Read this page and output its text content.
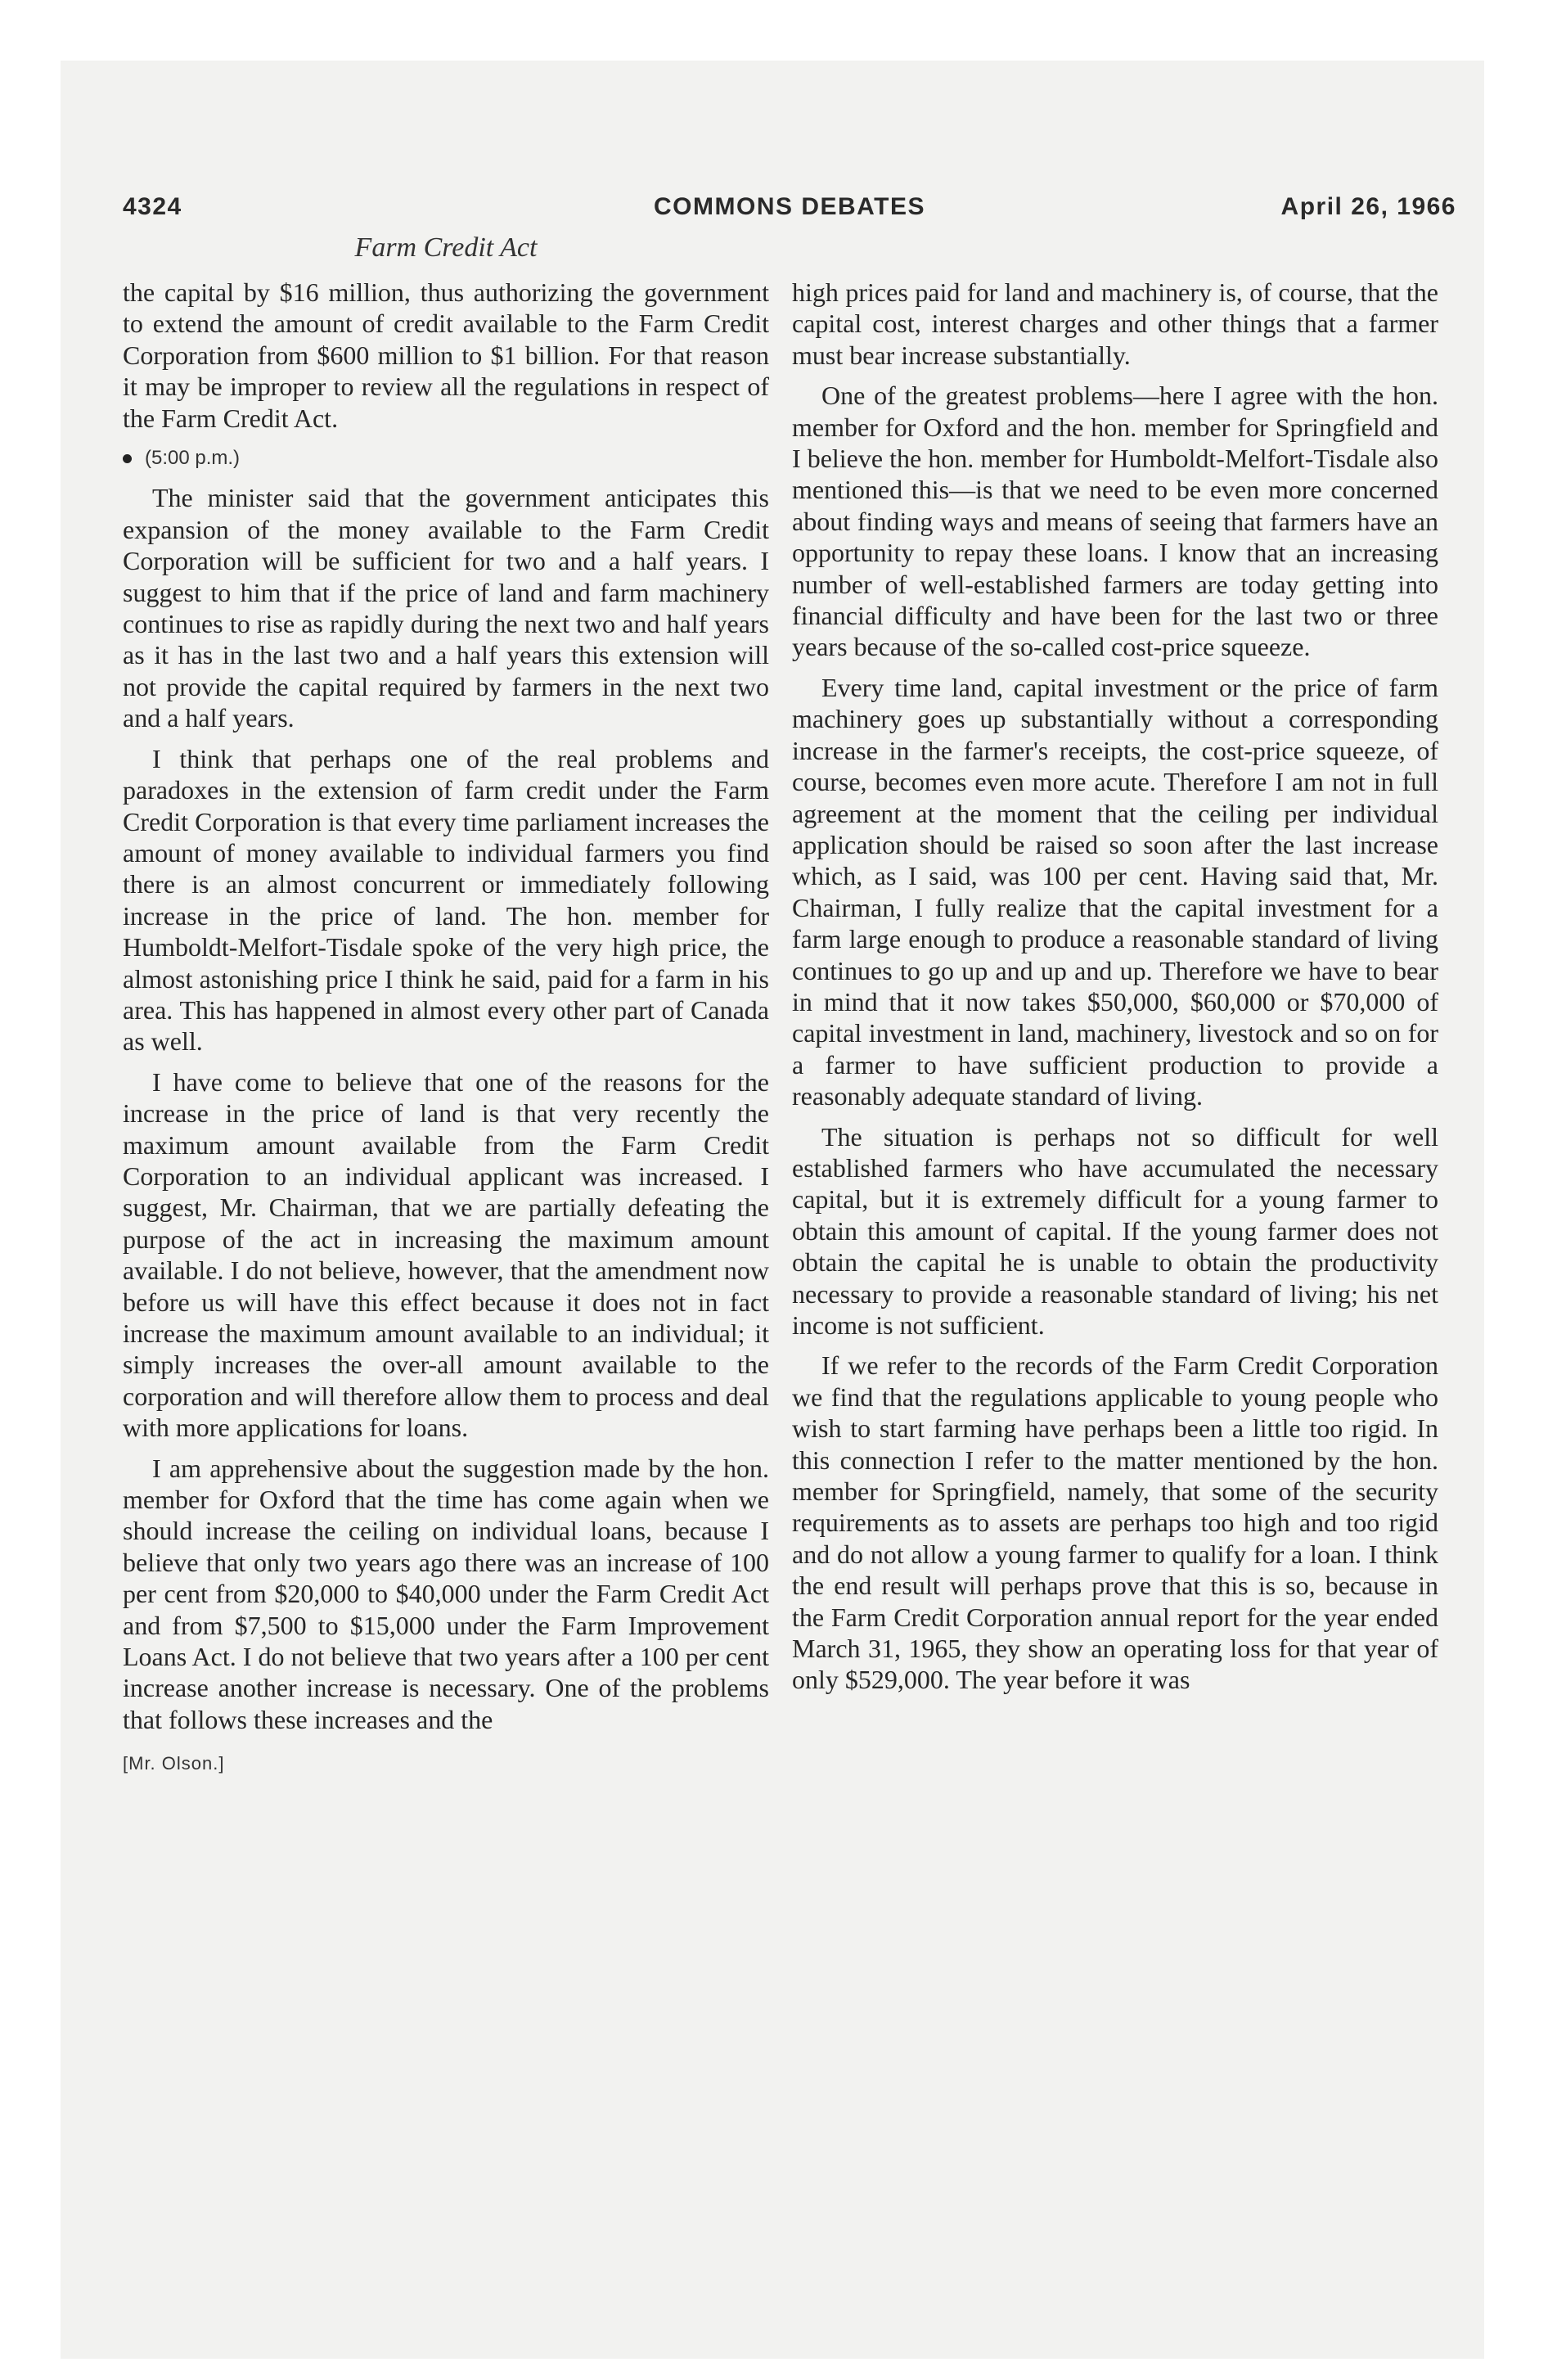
4324	COMMONS DEBATES	April 26, 1966
Farm Credit Act

the capital by $16 million, thus authorizing the government to extend the amount of credit available to the Farm Credit Corporation from $600 million to $1 billion. For that reason it may be improper to review all the regulations in respect of the Farm Credit Act.

(5:00 p.m.)

The minister said that the government anticipates this expansion of the money available to the Farm Credit Corporation will be sufficient for two and a half years. I suggest to him that if the price of land and farm machinery continues to rise as rapidly during the next two and half years as it has in the last two and a half years this extension will not provide the capital required by farmers in the next two and a half years.

I think that perhaps one of the real problems and paradoxes in the extension of farm credit under the Farm Credit Corporation is that every time parliament increases the amount of money available to individual farmers you find there is an almost concurrent or immediately following increase in the price of land. The hon. member for Humboldt-Melfort-Tisdale spoke of the very high price, the almost astonishing price I think he said, paid for a farm in his area. This has happened in almost every other part of Canada as well.

I have come to believe that one of the reasons for the increase in the price of land is that very recently the maximum amount available from the Farm Credit Corporation to an individual applicant was increased. I suggest, Mr. Chairman, that we are partially defeating the purpose of the act in increasing the maximum amount available. I do not believe, however, that the amendment now before us will have this effect because it does not in fact increase the maximum amount available to an individual; it simply increases the over-all amount available to the corporation and will therefore allow them to process and deal with more applications for loans.

I am apprehensive about the suggestion made by the hon. member for Oxford that the time has come again when we should increase the ceiling on individual loans, because I believe that only two years ago there was an increase of 100 per cent from $20,000 to $40,000 under the Farm Credit Act and from $7,500 to $15,000 under the Farm Improvement Loans Act. I do not believe that two years after a 100 per cent increase another increase is necessary. One of the problems that follows these increases and the

[Mr. Olson.]

high prices paid for land and machinery is, of course, that the capital cost, interest charges and other things that a farmer must bear increase substantially.

One of the greatest problems—here I agree with the hon. member for Oxford and the hon. member for Springfield and I believe the hon. member for Humboldt-Melfort-Tisdale also mentioned this—is that we need to be even more concerned about finding ways and means of seeing that farmers have an opportunity to repay these loans. I know that an increasing number of well-established farmers are today getting into financial difficulty and have been for the last two or three years because of the so-called cost-price squeeze.

Every time land, capital investment or the price of farm machinery goes up substantially without a corresponding increase in the farmer's receipts, the cost-price squeeze, of course, becomes even more acute. Therefore I am not in full agreement at the moment that the ceiling per individual application should be raised so soon after the last increase which, as I said, was 100 per cent. Having said that, Mr. Chairman, I fully realize that the capital investment for a farm large enough to produce a reasonable standard of living continues to go up and up and up. Therefore we have to bear in mind that it now takes $50,000, $60,000 or $70,000 of capital investment in land, machinery, livestock and so on for a farmer to have sufficient production to provide a reasonably adequate standard of living.

The situation is perhaps not so difficult for well established farmers who have accumulated the necessary capital, but it is extremely difficult for a young farmer to obtain this amount of capital. If the young farmer does not obtain the capital he is unable to obtain the productivity necessary to provide a reasonable standard of living; his net income is not sufficient.

If we refer to the records of the Farm Credit Corporation we find that the regulations applicable to young people who wish to start farming have perhaps been a little too rigid. In this connection I refer to the matter mentioned by the hon. member for Springfield, namely, that some of the security requirements as to assets are perhaps too high and too rigid and do not allow a young farmer to qualify for a loan. I think the end result will perhaps prove that this is so, because in the Farm Credit Corporation annual report for the year ended March 31, 1965, they show an operating loss for that year of only $529,000. The year before it was
